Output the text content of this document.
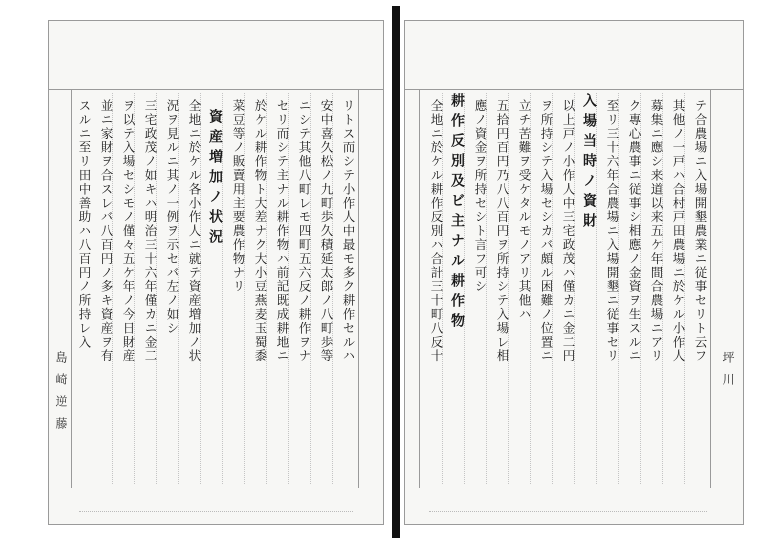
リトス而シテ小作人中最モ多ク耕作セルハ
安中喜久松ノ九町歩久積延太郎ノ八町歩等
ニシテ其他八町レモ四町五六反ノ耕作ヲナ
セリ而シテ主ナル耕作物ハ前記既成耕地ニ
於ケル耕作物ト大差ナク大小豆燕麦玉蜀黍
菜豆等ノ販賣用主要農作物ナリ
資産増加ノ状況
全地ニ於ケル各小作人ニ就テ資産増加ノ状
況ヲ見ルニ其ノ一例ヲ示セバ左ノ如シ
三宅政茂ノ如キハ明治三十六年僅カニ金二
ヲ以テ入場セシモノ僅々五ケ年ノ今日財産
並ニ家財ヲ合スレバ八百円ノ多キ資産ヲ有
スルニ至リ田中善助ハ八百円ノ所持レ入
島崎逆藤
テ合農場ニ入場開墾農業ニ従事セリト云フ
其他ノ一戸ハ合村戸田農場ニ於ケル小作人
募集ニ應シ来道以来五ケ年間合農場ニアリ
ク專心農事ニ従事シ相應ノ金資ヲ生スルニ
至リ三十六年合農場ニ入場開墾ニ従事セリ
入場当時ノ資財
以上戸ノ小作人中三宅政茂ハ僅カニ金二円
ヲ所持シテ入場セシカバ頗ル困難ノ位置ニ
立チ苦難ヲ受ケタルモノアリ其他ハ
五拾円百円乃八八百円ヲ所持シテ入場レ相
應ノ資金ヲ所持セシト言フ可シ
耕作反別及ビ主ナル耕作物
全地ニ於ケル耕作反別ハ合計三十町八反十
坪川
